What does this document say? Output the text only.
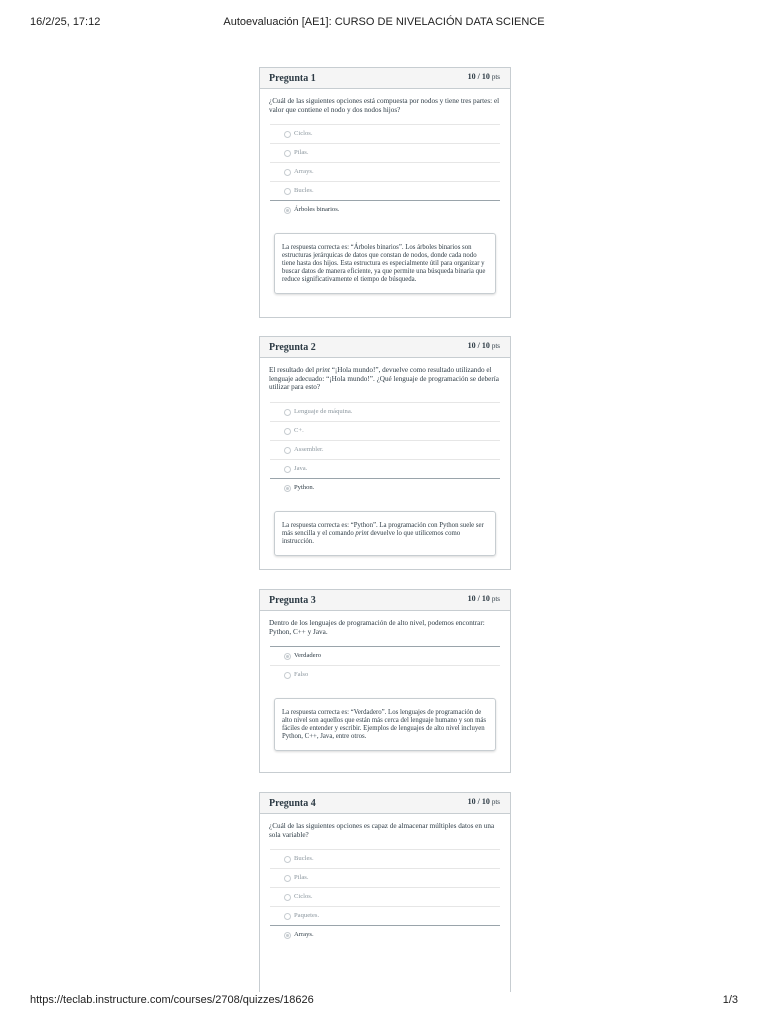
16/2/25, 17:12	Autoevaluación [AE1]: CURSO DE NIVELACIÓN DATA SCIENCE
Pregunta 1	10 / 10 pts
¿Cuál de las siguientes opciones está compuesta por nodos y tiene tres partes: el valor que contiene el nodo y dos nodos hijos?
Ciclos.
Pilas.
Arrays.
Bucles.
Árboles binarios.
La respuesta correcta es: “Árboles binarios”. Los árboles binarios son estructuras jerárquicas de datos que constan de nodos, donde cada nodo tiene hasta dos hijos. Esta estructura es especialmente útil para organizar y buscar datos de manera eficiente, ya que permite una búsqueda binaria que reduce significativamente el tiempo de búsqueda.
Pregunta 2	10 / 10 pts
El resultado del print “¡Hola mundo!”, devuelve como resultado utilizando el lenguaje adecuado: “¡Hola mundo!”. ¿Qué lenguaje de programación se debería utilizar para esto?
Lenguaje de máquina.
C+.
Assembler.
Java.
Python.
La respuesta correcta es: “Python”. La programación con Python suele ser más sencilla y el comando print devuelve lo que utilicemos como instrucción.
Pregunta 3	10 / 10 pts
Dentro de los lenguajes de programación de alto nivel, podemos encontrar: Python, C++ y Java.
Verdadero
Falso
La respuesta correcta es: “Verdadero”. Los lenguajes de programación de alto nivel son aquellos que están más cerca del lenguaje humano y son más fáciles de entender y escribir. Ejemplos de lenguajes de alto nivel incluyen Python, C++, Java, entre otros.
Pregunta 4	10 / 10 pts
¿Cuál de las siguientes opciones es capaz de almacenar múltiples datos en una sola variable?
Bucles.
Pilas.
Ciclos.
Paquetes.
Arrays.
https://teclab.instructure.com/courses/2708/quizzes/18626	1/3
